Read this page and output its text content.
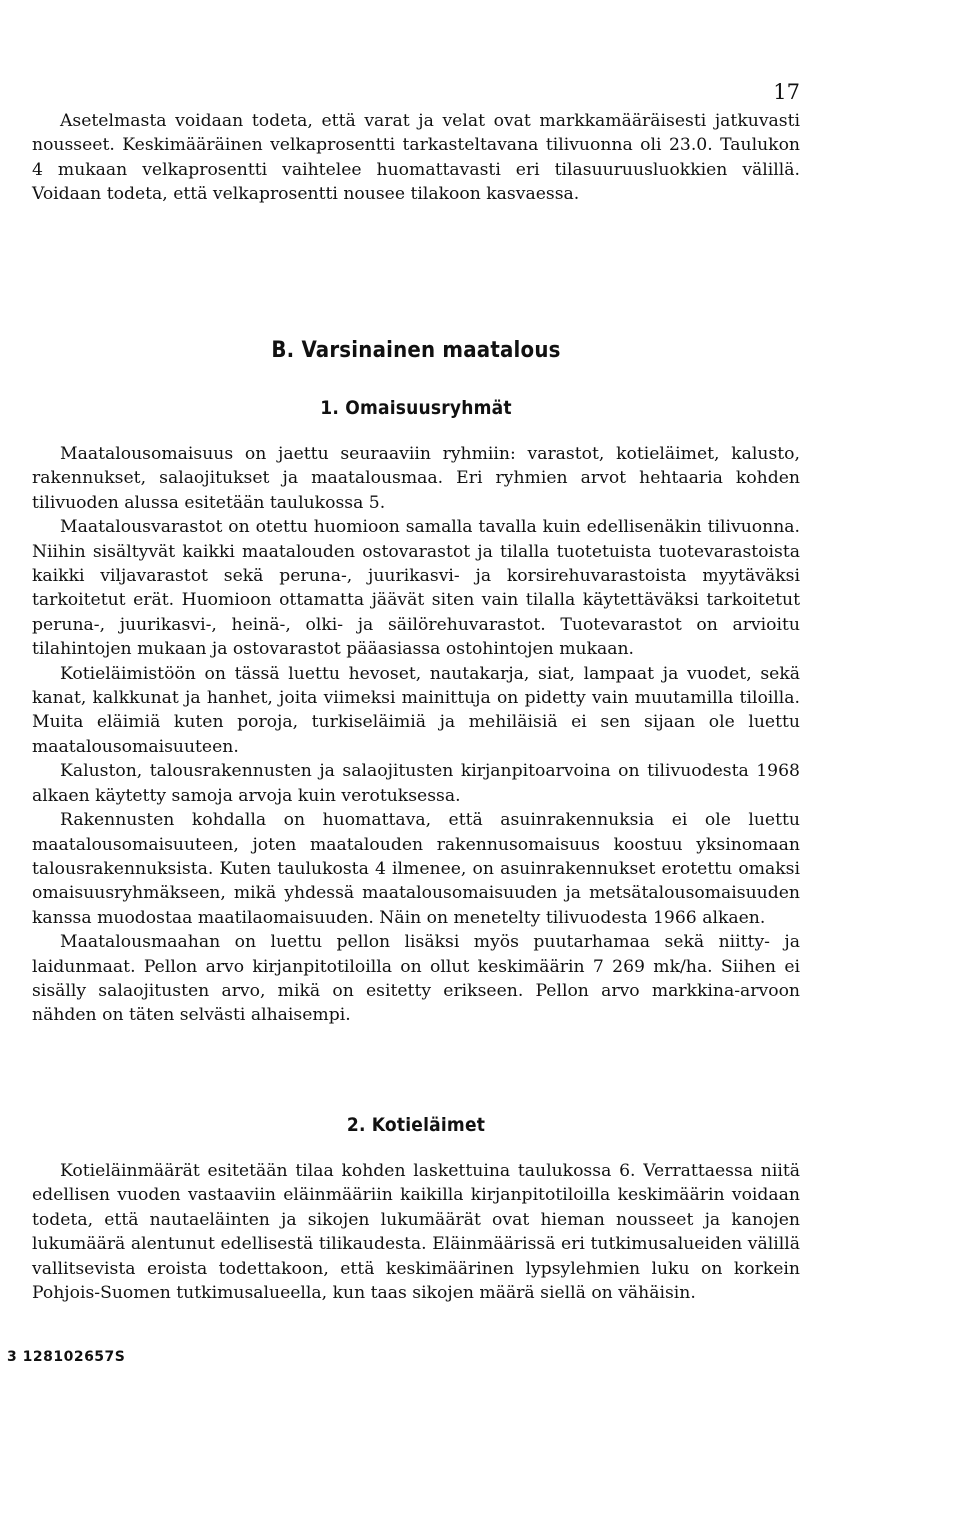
17

Asetelmasta voidaan todeta, että varat ja velat ovat markkamääräisesti jatkuvasti nousseet. Keskimääräinen velkaprosentti tarkasteltavana tilivuonna oli 23.0. Taulukon 4 mukaan velkaprosentti vaihtelee huomattavasti eri tilasuuruusluokkien välillä. Voidaan todeta, että velkaprosentti nousee tilakoon kasvaessa.

B. Varsinainen maatalous
1. Omaisuusryhmät

Maatalousomaisuus on jaettu seuraaviin ryhmiin: varastot, kotieläimet, kalusto, rakennukset, salaojitukset ja maatalousmaa. Eri ryhmien arvot hehtaaria kohden tilivuoden alussa esitetään taulukossa 5.

Maatalousvarastot on otettu huomioon samalla tavalla kuin edellisenäkin tilivuonna. Niihin sisältyvät kaikki maatalouden ostovarastot ja tilalla tuotetuista tuotevarastoista kaikki viljavarastot sekä peruna-, juurikasvi- ja korsirehuvarastoista myytäväksi tarkoitetut erät. Huomioon ottamatta jäävät siten vain tilalla käytettäväksi tarkoitetut peruna-, juurikasvi-, heinä-, olki- ja säilörehuvarastot. Tuotevarastot on arvioitu tilahintojen mukaan ja ostovarastot pääasiassa ostohintojen mukaan.

Kotieläimistöön on tässä luettu hevoset, nautakarja, siat, lampaat ja vuodet, sekä kanat, kalkkunat ja hanhet, joita viimeksi mainittuja on pidetty vain muutamilla tiloilla. Muita eläimiä kuten poroja, turkiseläimiä ja mehiläisiä ei sen sijaan ole luettu maatalousomaisuuteen.

Kaluston, talousrakennusten ja salaojitusten kirjanpitoarvoina on tilivuodesta 1968 alkaen käytetty samoja arvoja kuin verotuksessa.

Rakennusten kohdalla on huomattava, että asuinrakennuksia ei ole luettu maatalousomaisuuteen, joten maatalouden rakennusomaisuus koostuu yksinomaan talousrakennuksista. Kuten taulukosta 4 ilmenee, on asuinrakennukset erotettu omaksi omaisuusryhmäkseen, mikä yhdessä maatalousomaisuuden ja metsätalousomaisuuden kanssa muodostaa maatilaomaisuuden. Näin on menetelty tilivuodesta 1966 alkaen.

Maatalousmaahan on luettu pellon lisäksi myös puutarhamaa sekä niitty- ja laidunmaat. Pellon arvo kirjanpitotiloilla on ollut keskimäärin 7 269 mk/ha. Siihen ei sisälly salaojitusten arvo, mikä on esitetty erikseen. Pellon arvo markkina-arvoon nähden on täten selvästi alhaisempi.

2. Kotieläimet

Kotieläinmäärät esitetään tilaa kohden laskettuina taulukossa 6. Verrattaessa niitä edellisen vuoden vastaaviin eläinmääriin kaikilla kirjanpitotiloilla keskimäärin voidaan todeta, että nautaeläinten ja sikojen lukumäärät ovat hieman nousseet ja kanojen lukumäärä alentunut edellisestä tilikaudesta. Eläinmäärissä eri tutkimusalueiden välillä vallitsevista eroista todettakoon, että keskimäärinen lypsylehmien luku on korkein Pohjois-Suomen tutkimusalueella, kun taas sikojen määrä siellä on vähäisin.

3 128102657S
